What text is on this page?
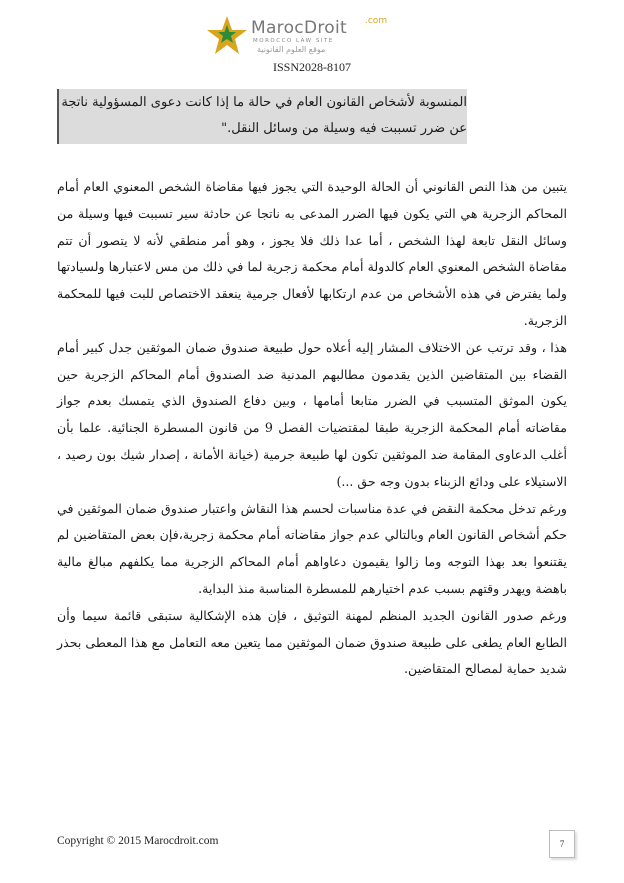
MarocDroit .com
MOROCCO LAW SITE
موقع العلوم القانونية
ISSN2028-8107

المنسوبة لأشخاص القانون العام في حالة ما إذا كانت دعوى المسؤولية ناتجة

عن ضرر تسببت فيه وسيلة من وسائل النقل."

يتبين من هذا النص القانوني أن الحالة الوحيدة التي يجوز فيها مقاضاة الشخص المعنوي العام أمام المحاكم الزجرية هي التي يكون فيها الضرر المدعى به ناتجا عن حادثة سير تسببت فيها وسيلة من وسائل النقل تابعة لهذا الشخص ، أما عدا ذلك فلا يجوز ، وهو أمر منطقي لأنه لا يتصور أن تتم مقاضاة الشخص المعنوي العام كالدولة أمام محكمة زجرية لما في ذلك من مس لاعتبارها ولسيادتها ولما يفترض في هذه الأشخاص من عدم ارتكابها لأفعال جرمية ينعقد الاختصاص للبت فيها للمحكمة الزجرية.

هذا ، وقد ترتب عن الاختلاف المشار إليه أعلاه حول طبيعة صندوق ضمان الموثقين جدل كبير أمام القضاء بين المتقاضين الذين يقدمون مطالبهم المدنية ضد الصندوق أمام المحاكم الزجرية حين يكون الموثق المتسبب في الضرر متابعا أمامها ، وبين دفاع الصندوق الذي يتمسك بعدم جواز مقاضاته أمام المحكمة الزجرية طبقا لمقتضيات الفصل 9 من قانون المسطرة الجنائية. علما بأن أغلب الدعاوى المقامة ضد الموثقين تكون لها طبيعة جرمية (خيانة الأمانة ، إصدار شيك بون رصيد ، الاستيلاء على ودائع الزبناء بدون وجه حق ...)

ورغم تدخل محكمة النقض في عدة مناسبات لحسم هذا النقاش واعتبار صندوق ضمان الموثقين في حكم أشخاص القانون العام وبالتالي عدم جواز مقاضاته أمام محكمة زجرية،فإن بعض المتقاضين لم يقتنعوا بعد بهذا التوجه وما زالوا يقيمون دعاواهم أمام المحاكم الزجرية مما يكلفهم مبالغ مالية باهضة ويهدر وقتهم بسبب عدم اختيارهم للمسطرة المناسبة منذ البداية.

ورغم صدور القانون الجديد المنظم لمهنة التوثيق ، فإن هذه الإشكالية ستبقى قائمة سيما وأن الطابع العام يطغى على طبيعة صندوق ضمان الموثقين مما يتعين معه التعامل مع هذا المعطى بحذر شديد حماية لمصالح المتقاضين.

Copyright © 2015 Marocdroit.com	7
